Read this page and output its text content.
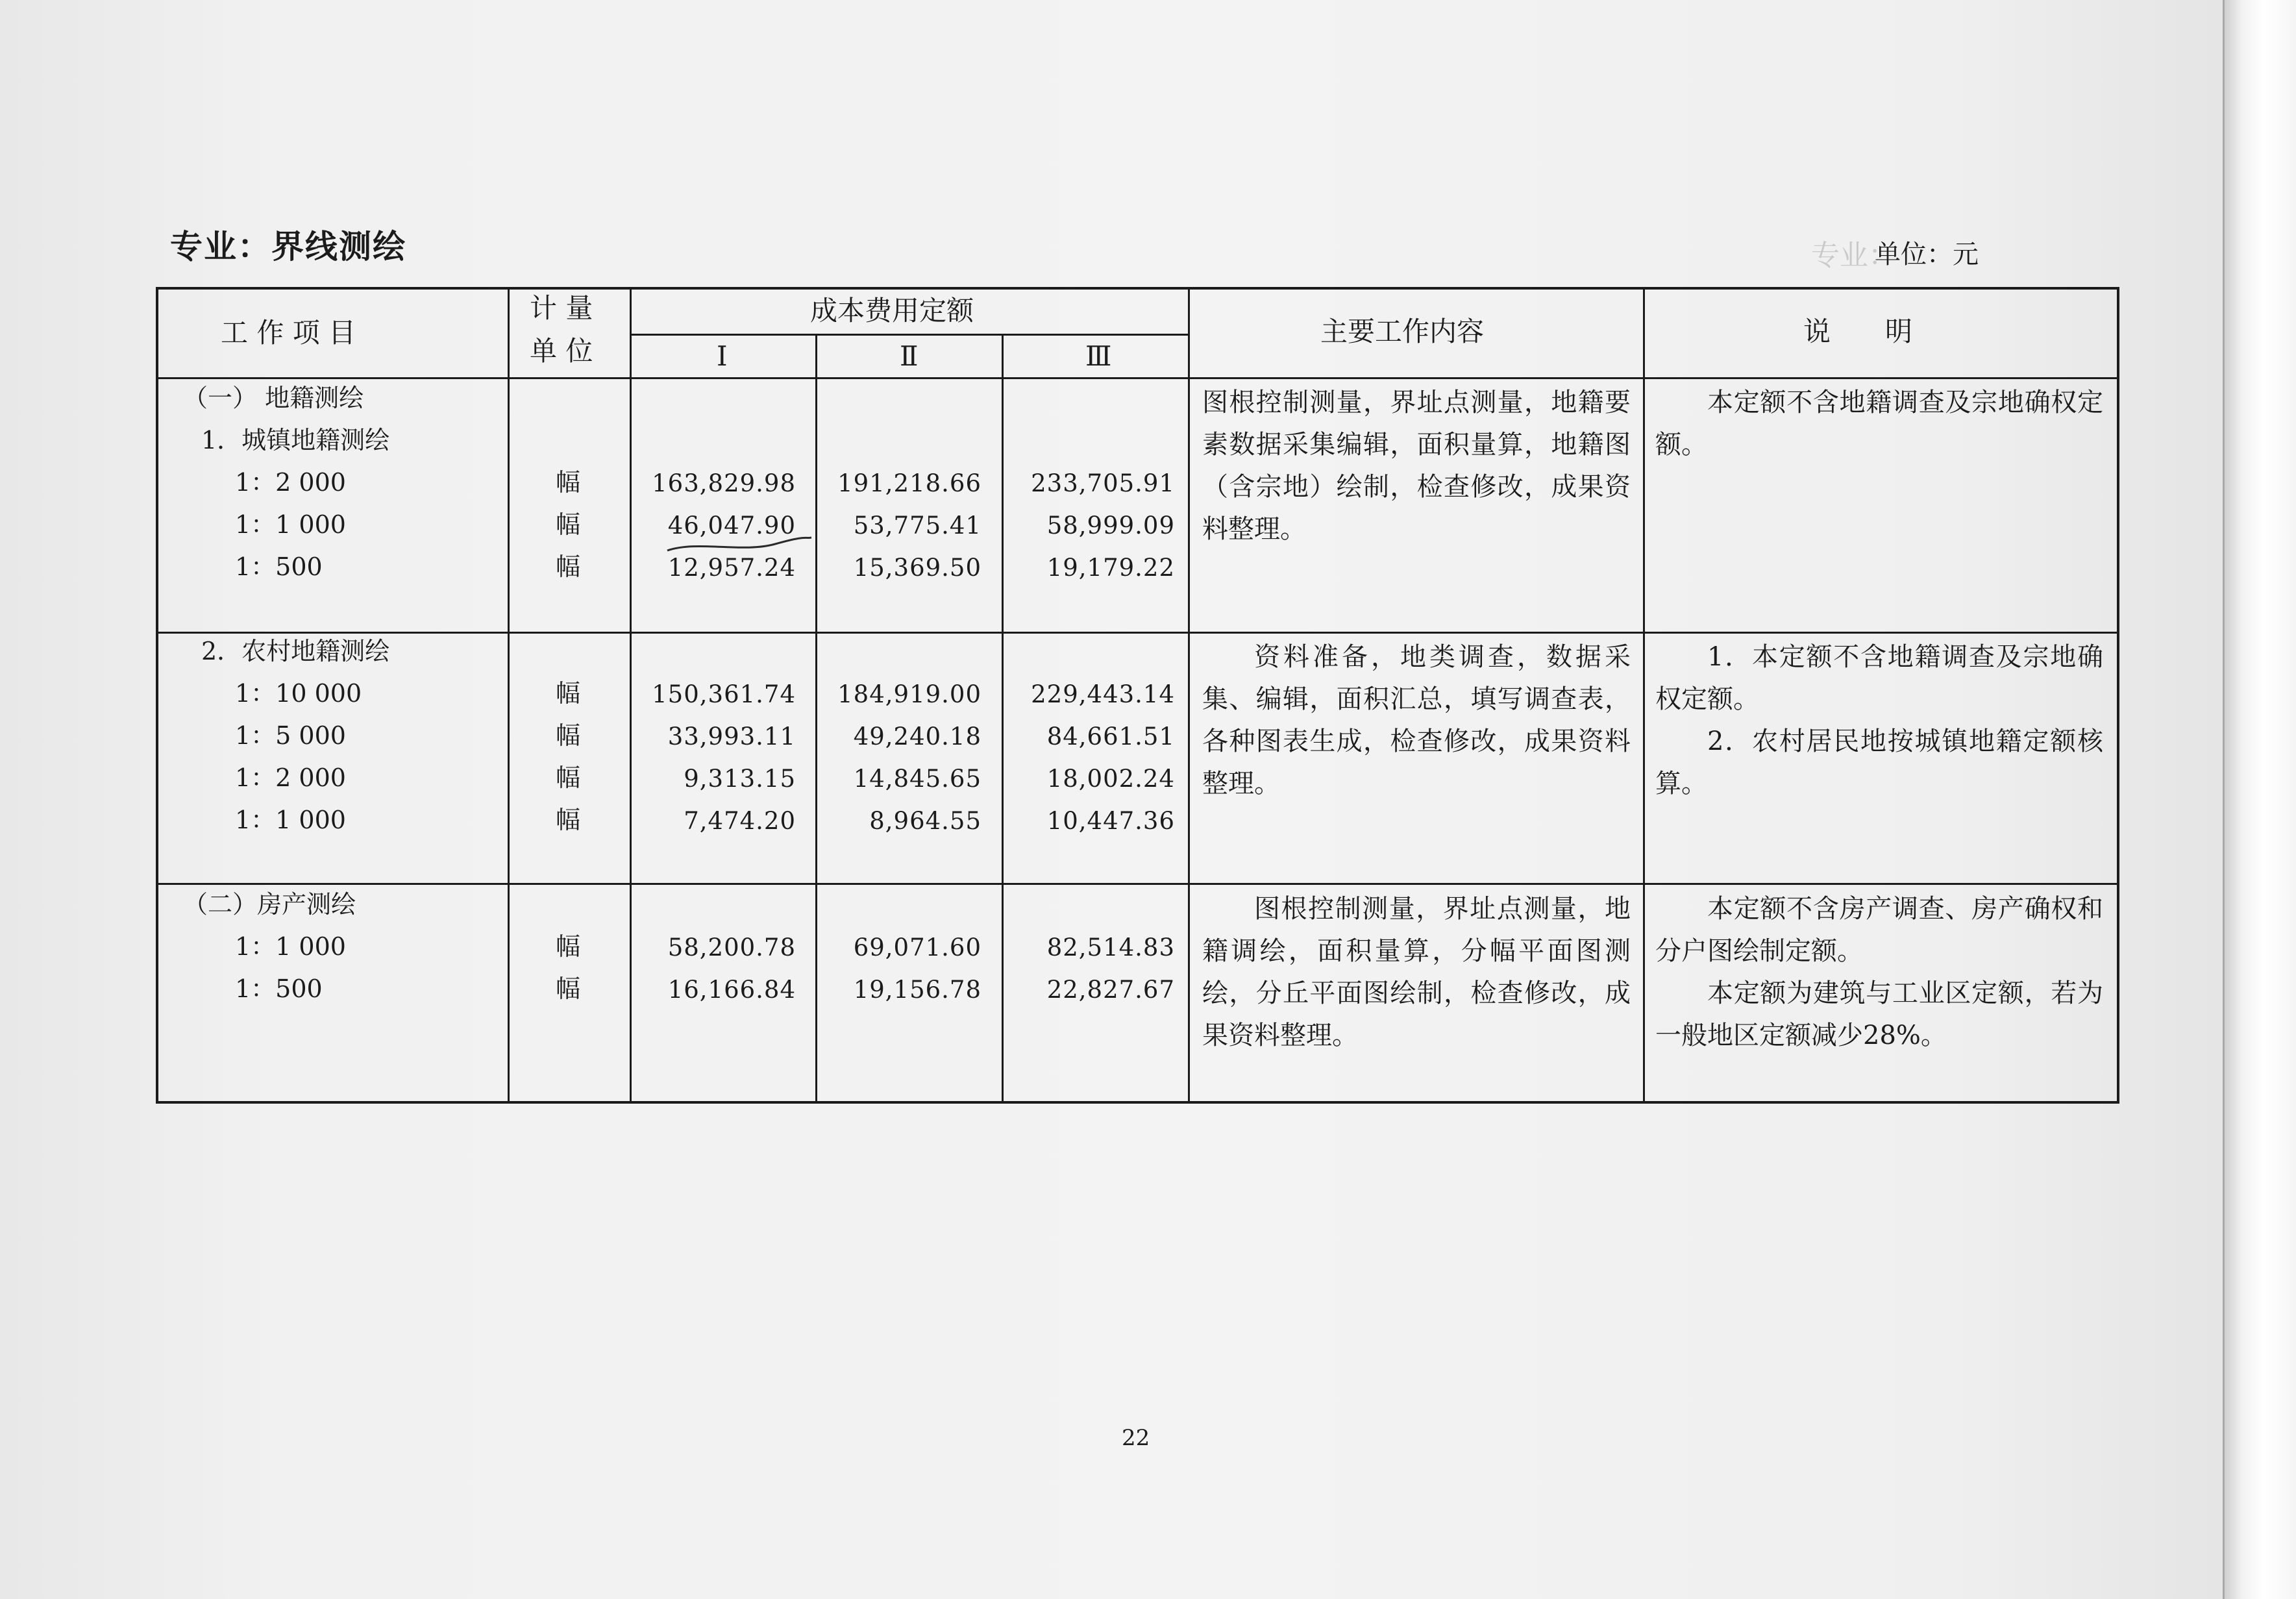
专业：
专业：界线测绘	单位：元
工 作 项 目
计 量
单 位
成本费用定额
Ⅰ	Ⅱ	Ⅲ
主要工作内容	说　　明
（一） 地籍测绘
1．城镇地籍测绘
1：2 000	幅	163,829.98	191,218.66	233,705.91
1：1 000	幅	46,047.90	53,775.41	58,999.09
1：500	幅	12,957.24	15,369.50	19,179.22
图根控制测量，界址点测量，地籍要素数据采集编辑，面积量算，地籍图（含宗地）绘制，检查修改，成果资料整理。
本定额不含地籍调查及宗地确权定额。
2．农村地籍测绘
1：10 000	幅	150,361.74	184,919.00	229,443.14
1：5 000	幅	33,993.11	49,240.18	84,661.51
1：2 000	幅	9,313.15	14,845.65	18,002.24
1：1 000	幅	7,474.20	8,964.55	10,447.36
资料准备，地类调查，数据采集、编辑，面积汇总，填写调查表，各种图表生成，检查修改，成果资料整理。
1．本定额不含地籍调查及宗地确权定额。
2．农村居民地按城镇地籍定额核算。
（二）房产测绘
1：1 000	幅	58,200.78	69,071.60	82,514.83
1：500	幅	16,166.84	19,156.78	22,827.67
图根控制测量，界址点测量，地籍调绘，面积量算，分幅平面图测绘，分丘平面图绘制，检查修改，成果资料整理。
本定额不含房产调查、房产确权和分户图绘制定额。
本定额为建筑与工业区定额，若为一般地区定额减少28%。
22
